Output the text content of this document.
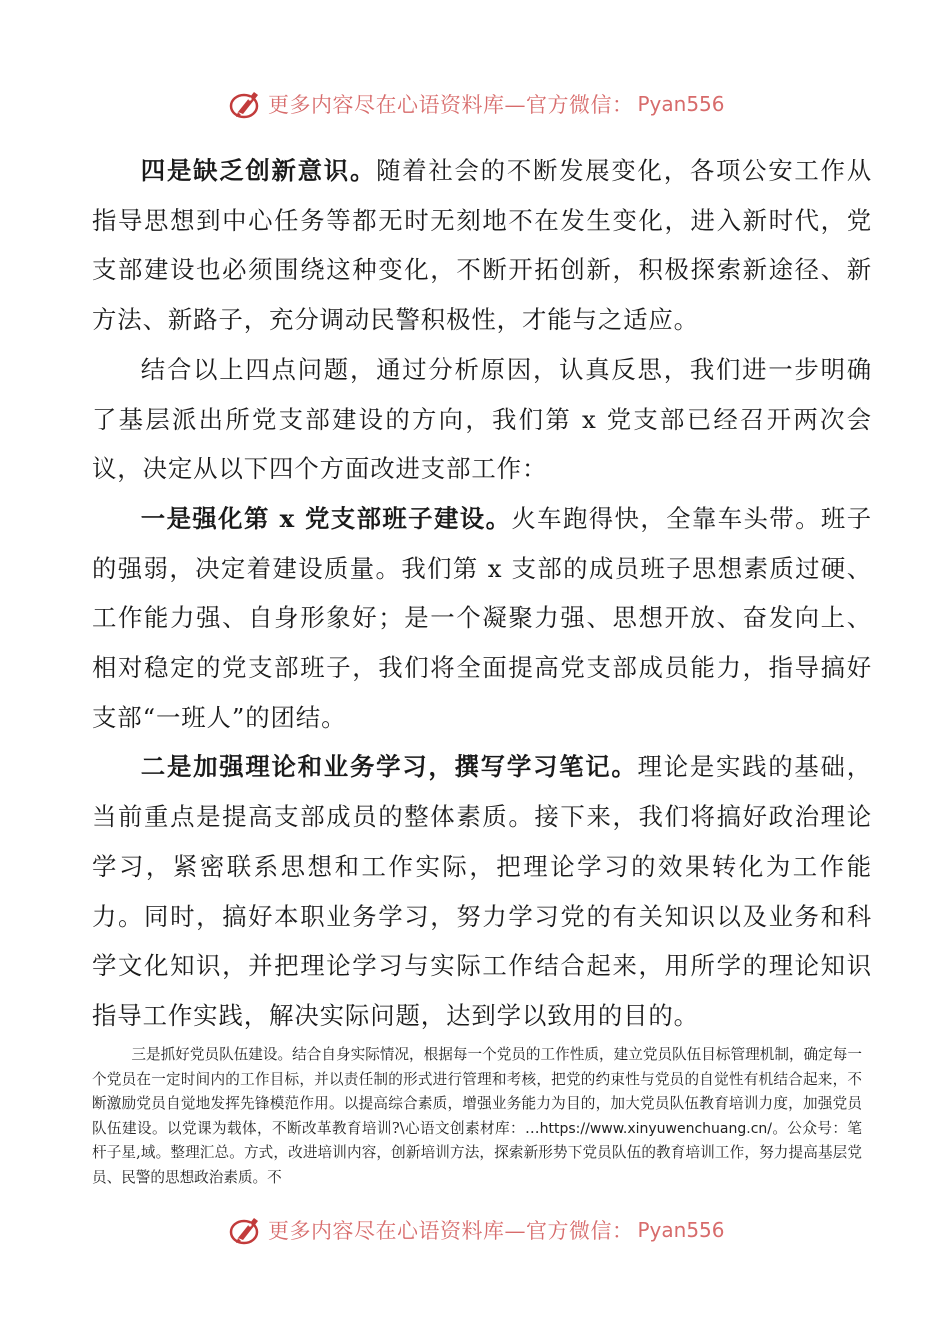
更多内容尽在心语资料库—官方微信： Pyan556

四是缺乏创新意识。随着社会的不断发展变化，各项公安工作从指导思想到中心任务等都无时无刻地不在发生变化，进入新时代，党支部建设也必须围绕这种变化，不断开拓创新，积极探索新途径、新方法、新路子，充分调动民警积极性，才能与之适应。

结合以上四点问题，通过分析原因，认真反思，我们进一步明确了基层派出所党支部建设的方向，我们第 x 党支部已经召开两次会议，决定从以下四个方面改进支部工作：

一是强化第 x 党支部班子建设。火车跑得快，全靠车头带。班子的强弱，决定着建设质量。我们第 x 支部的成员班子思想素质过硬、工作能力强、自身形象好；是一个凝聚力强、思想开放、奋发向上、相对稳定的党支部班子，我们将全面提高党支部成员能力，指导搞好支部“一班人”的团结。

二是加强理论和业务学习，撰写学习笔记。理论是实践的基础，当前重点是提高支部成员的整体素质。接下来，我们将搞好政治理论学习，紧密联系思想和工作实际，把理论学习的效果转化为工作能力。同时，搞好本职业务学习，努力学习党的有关知识以及业务和科学文化知识，并把理论学习与实际工作结合起来，用所学的理论知识指导工作实践，解决实际问题，达到学以致用的目的。

三是抓好党员队伍建设。结合自身实际情况，根据每一个党员的工作性质，建立党员队伍目标管理机制，确定每一个党员在一定时间内的工作目标，并以责任制的形式进行管理和考核，把党的约束性与党员的自觉性有机结合起来，不断激励党员自觉地发挥先锋模范作用。以提高综合素质，增强业务能力为目的，加大党员队伍教育培训力度，加强党员队伍建设。以党课为载体，不断改革教育培训?\心语文创素材库：…https://www.xinyuwenchuang.cn/。公众号：笔杆子星,域。整理汇总。方式，改进培训内容，创新培训方法，探索新形势下党员队伍的教育培训工作，努力提高基层党员、民警的思想政治素质。不

更多内容尽在心语资料库—官方微信： Pyan556
